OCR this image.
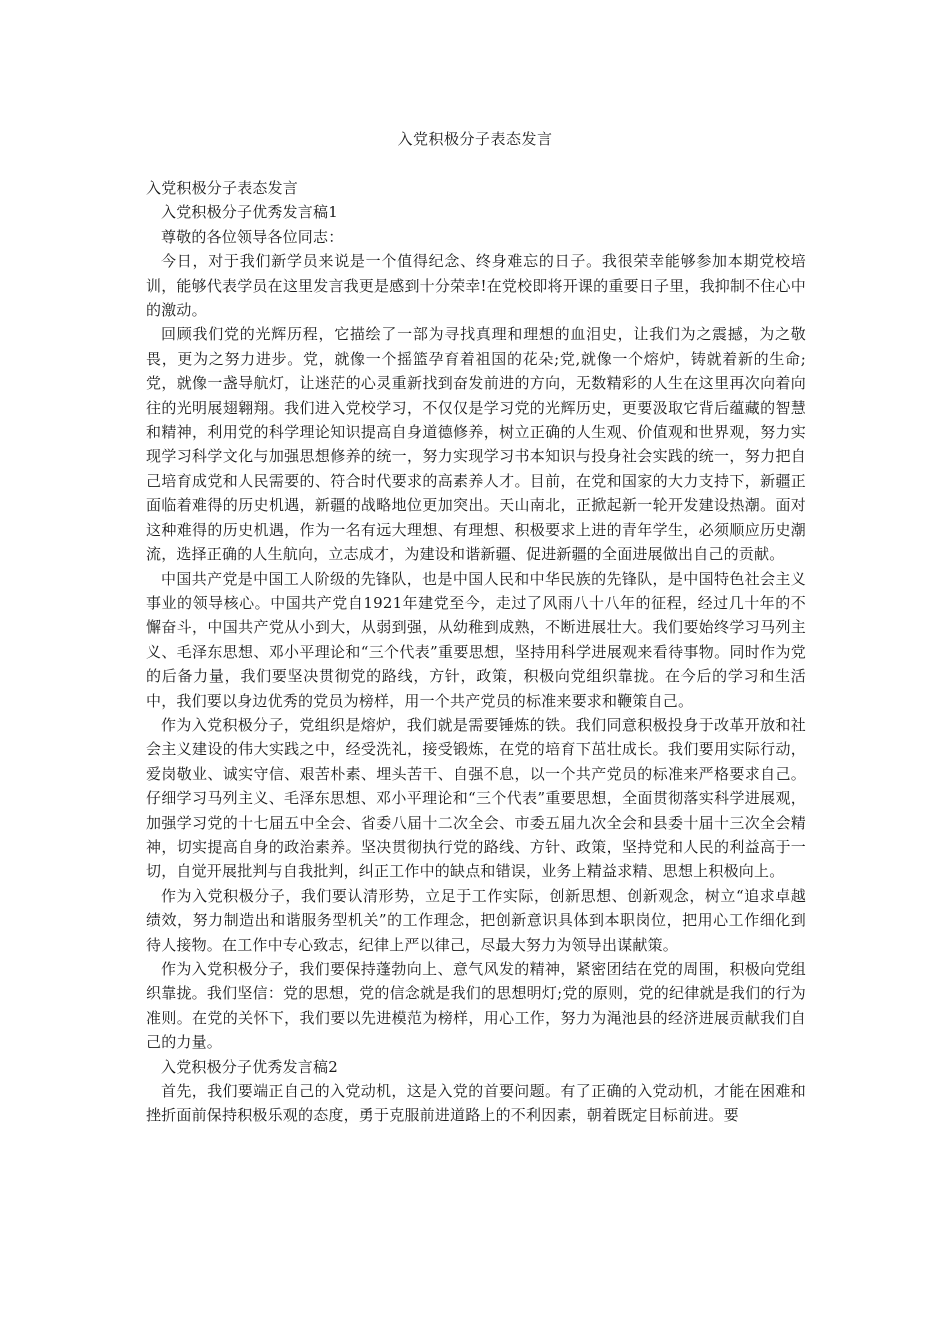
入党积极分子表态发言

入党积极分子表态发言

入党积极分子优秀发言稿1

尊敬的各位领导各位同志：

今日，对于我们新学员来说是一个值得纪念、终身难忘的日子。我很荣幸能够参加本期党校培训，能够代表学员在这里发言我更是感到十分荣幸!在党校即将开课的重要日子里，我抑制不住心中的激动。

回顾我们党的光辉历程，它描绘了一部为寻找真理和理想的血泪史，让我们为之震撼，为之敬畏，更为之努力进步。党，就像一个摇篮孕育着祖国的花朵;党,就像一个熔炉，铸就着新的生命;党，就像一盏导航灯，让迷茫的心灵重新找到奋发前进的方向，无数精彩的人生在这里再次向着向往的光明展翅翱翔。我们进入党校学习，不仅仅是学习党的光辉历史，更要汲取它背后蕴藏的智慧和精神，利用党的科学理论知识提高自身道德修养，树立正确的人生观、价值观和世界观，努力实现学习科学文化与加强思想修养的统一，努力实现学习书本知识与投身社会实践的统一，努力把自己培育成党和人民需要的、符合时代要求的高素养人才。目前，在党和国家的大力支持下，新疆正面临着难得的历史机遇，新疆的战略地位更加突出。天山南北，正掀起新一轮开发建设热潮。面对这种难得的历史机遇，作为一名有远大理想、有理想、积极要求上进的青年学生，必须顺应历史潮流，选择正确的人生航向，立志成才，为建设和谐新疆、促进新疆的全面进展做出自己的贡献。

中国共产党是中国工人阶级的先锋队，也是中国人民和中华民族的先锋队，是中国特色社会主义事业的领导核心。中国共产党自1921年建党至今，走过了风雨八十八年的征程，经过几十年的不懈奋斗，中国共产党从小到大，从弱到强，从幼稚到成熟，不断进展壮大。我们要始终学习马列主义、毛泽东思想、邓小平理论和“三个代表”重要思想，坚持用科学进展观来看待事物。同时作为党的后备力量，我们要坚决贯彻党的路线，方针，政策，积极向党组织靠拢。在今后的学习和生活中，我们要以身边优秀的党员为榜样，用一个共产党员的标准来要求和鞭策自己。

作为入党积极分子，党组织是熔炉，我们就是需要锤炼的铁。我们同意积极投身于改革开放和社会主义建设的伟大实践之中，经受洗礼，接受锻炼，在党的培育下茁壮成长。我们要用实际行动，爱岗敬业、诚实守信、艰苦朴素、埋头苦干、自强不息，以一个共产党员的标准来严格要求自己。仔细学习马列主义、毛泽东思想、邓小平理论和“三个代表”重要思想，全面贯彻落实科学进展观，加强学习党的十七届五中全会、省委八届十二次全会、市委五届九次全会和县委十届十三次全会精神，切实提高自身的政治素养。坚决贯彻执行党的路线、方针、政策，坚持党和人民的利益高于一切，自觉开展批判与自我批判，纠正工作中的缺点和错误，业务上精益求精、思想上积极向上。

作为入党积极分子，我们要认清形势，立足于工作实际，创新思想、创新观念，树立“追求卓越绩效，努力制造出和谐服务型机关”的工作理念，把创新意识具体到本职岗位，把用心工作细化到待人接物。在工作中专心致志，纪律上严以律己，尽最大努力为领导出谋献策。

作为入党积极分子，我们要保持蓬勃向上、意气风发的精神，紧密团结在党的周围，积极向党组织靠拢。我们坚信：党的思想，党的信念就是我们的思想明灯;党的原则，党的纪律就是我们的行为准则。在党的关怀下，我们要以先进模范为榜样，用心工作，努力为渑池县的经济进展贡献我们自己的力量。

入党积极分子优秀发言稿2

首先，我们要端正自己的入党动机，这是入党的首要问题。有了正确的入党动机，才能在困难和挫折面前保持积极乐观的态度，勇于克服前进道路上的不利因素，朝着既定目标前进。要
